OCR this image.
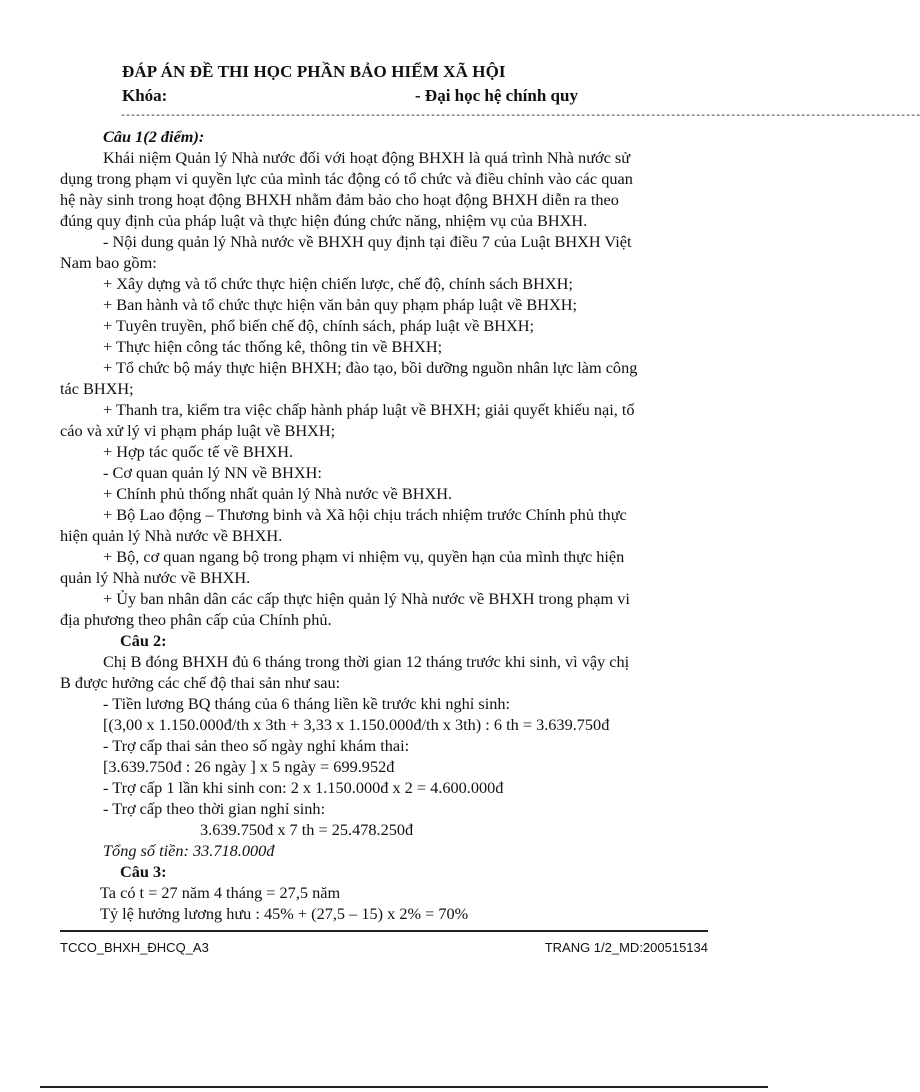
ĐÁP ÁN ĐỀ THI HỌC PHẦN BẢO HIỂM XÃ HỘI
Khóa:	- Đại học hệ chính quy
----------------------------------------------------------------------------------------------------------------------------------------------------------------
Câu 1(2 điểm):
Khái niệm Quản lý Nhà nước đối với hoạt động BHXH là quá trình Nhà nước sử
dụng trong phạm vi quyền lực của mình tác động có tổ chức và điều chỉnh vào các quan
hệ này sinh trong hoạt động BHXH nhằm đảm bảo cho hoạt động BHXH diễn ra theo
đúng quy định của pháp luật và thực hiện đúng chức năng, nhiệm vụ của BHXH.
- Nội dung quản lý Nhà nước về BHXH quy định tại điều 7 của Luật BHXH Việt
Nam bao gồm:
+ Xây dựng và tổ chức thực hiện chiến lược, chế độ, chính sách BHXH;
+ Ban hành và tổ chức thực hiện văn bản quy phạm pháp luật về BHXH;
+ Tuyên truyền, phổ biến chế độ, chính sách, pháp luật về BHXH;
+ Thực hiện công tác thống kê, thông tin về BHXH;
+ Tổ chức bộ máy thực hiện BHXH; đào tạo, bồi dưỡng nguồn nhân lực làm công
tác BHXH;
+ Thanh tra, kiểm tra việc chấp hành pháp luật về BHXH; giải quyết khiếu nại, tố
cáo và xử lý vi phạm pháp luật về BHXH;
+ Hợp tác quốc tế về BHXH.
- Cơ quan quản lý NN về BHXH:
+ Chính phủ thống nhất quản lý Nhà nước về BHXH.
+ Bộ Lao động – Thương binh và Xã hội chịu trách nhiệm trước Chính phủ thực
hiện quản lý Nhà nước về BHXH.
+ Bộ, cơ quan ngang bộ trong phạm vi nhiệm vụ, quyền hạn của mình thực hiện
quản lý Nhà nước về BHXH.
+ Ủy ban nhân dân các cấp thực hiện quản lý Nhà nước về BHXH trong phạm vi
địa phương theo phân cấp của Chính phủ.
Câu 2:
Chị B đóng BHXH đủ 6 tháng trong thời gian 12 tháng trước khi sinh, vì vậy chị
B được hưởng các chế độ thai sản như sau:
- Tiền lương BQ tháng của 6 tháng liền kề trước khi nghỉ sinh:
[(3,00 x 1.150.000đ/th x 3th + 3,33 x 1.150.000đ/th x 3th) : 6 th = 3.639.750đ
- Trợ cấp thai sản theo số ngày nghỉ khám thai:
[3.639.750đ : 26 ngày ] x 5 ngày = 699.952đ
- Trợ cấp 1 lần khi sinh con: 2 x 1.150.000đ x 2 = 4.600.000đ
- Trợ cấp theo thời gian nghỉ sinh:
3.639.750đ x 7 th = 25.478.250đ
Tổng số tiền: 33.718.000đ
Câu 3:
Ta có t = 27 năm 4 tháng = 27,5 năm
Tỷ lệ hưởng lương hưu : 45% + (27,5 – 15) x 2% = 70%
TCCO_BHXH_ĐHCQ_A3	TRANG 1/2_MD:200515134
